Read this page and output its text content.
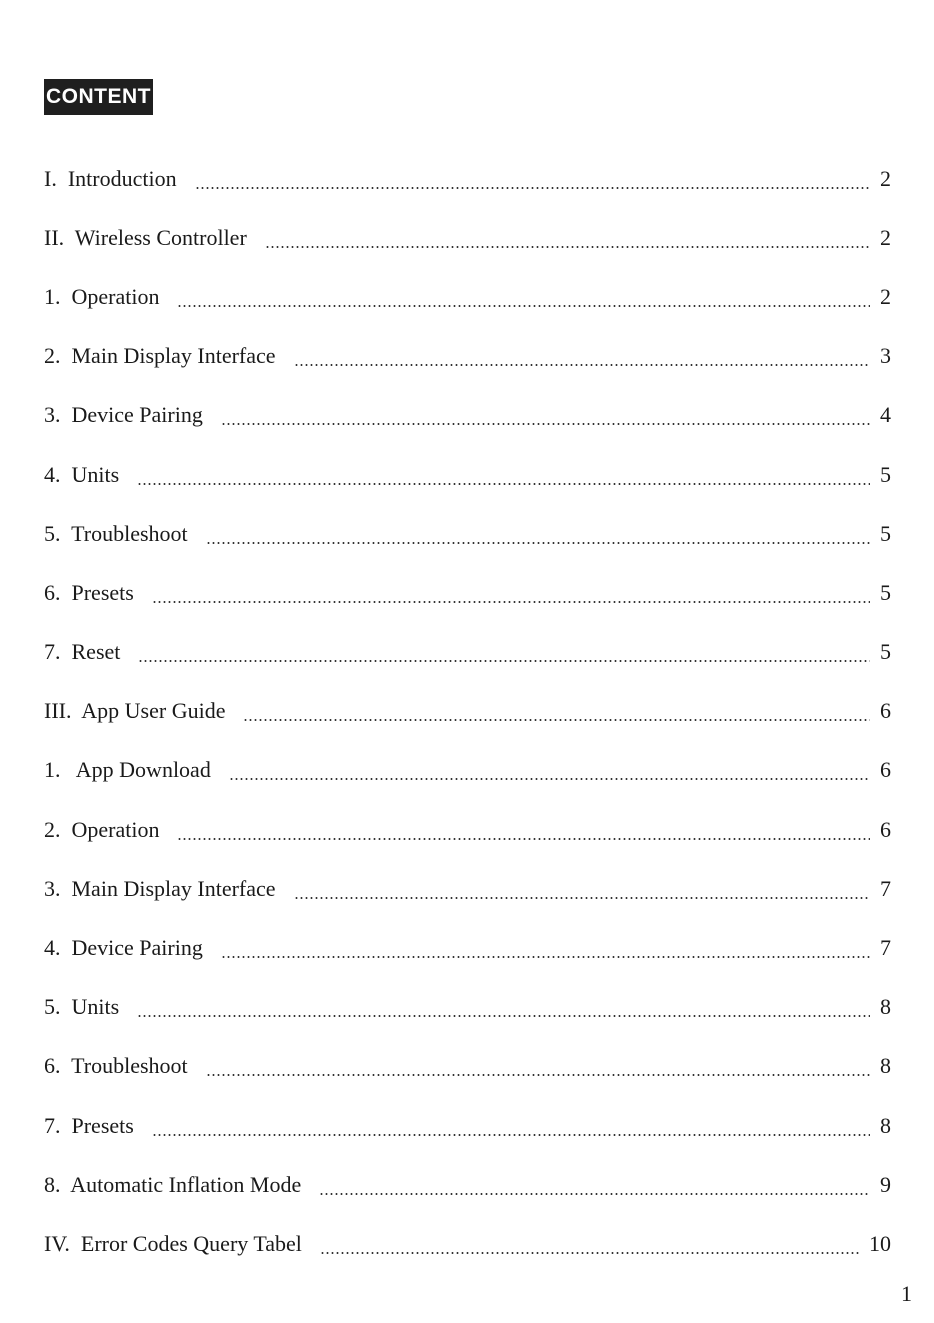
CONTENT
I.  Introduction	2
II.  Wireless Controller	2
1.  Operation	2
2.  Main Display Interface	3
3.  Device Pairing	4
4.  Units	5
5.  Troubleshoot	5
6.  Presets	5
7.  Reset	5
III.  App User Guide	6
1.   App Download	6
2.  Operation	6
3.  Main Display Interface	7
4.  Device Pairing	7
5.  Units	8
6.  Troubleshoot	8
7.  Presets	8
8.  Automatic Inflation Mode	9
IV.  Error Codes Query Tabel	10
1
